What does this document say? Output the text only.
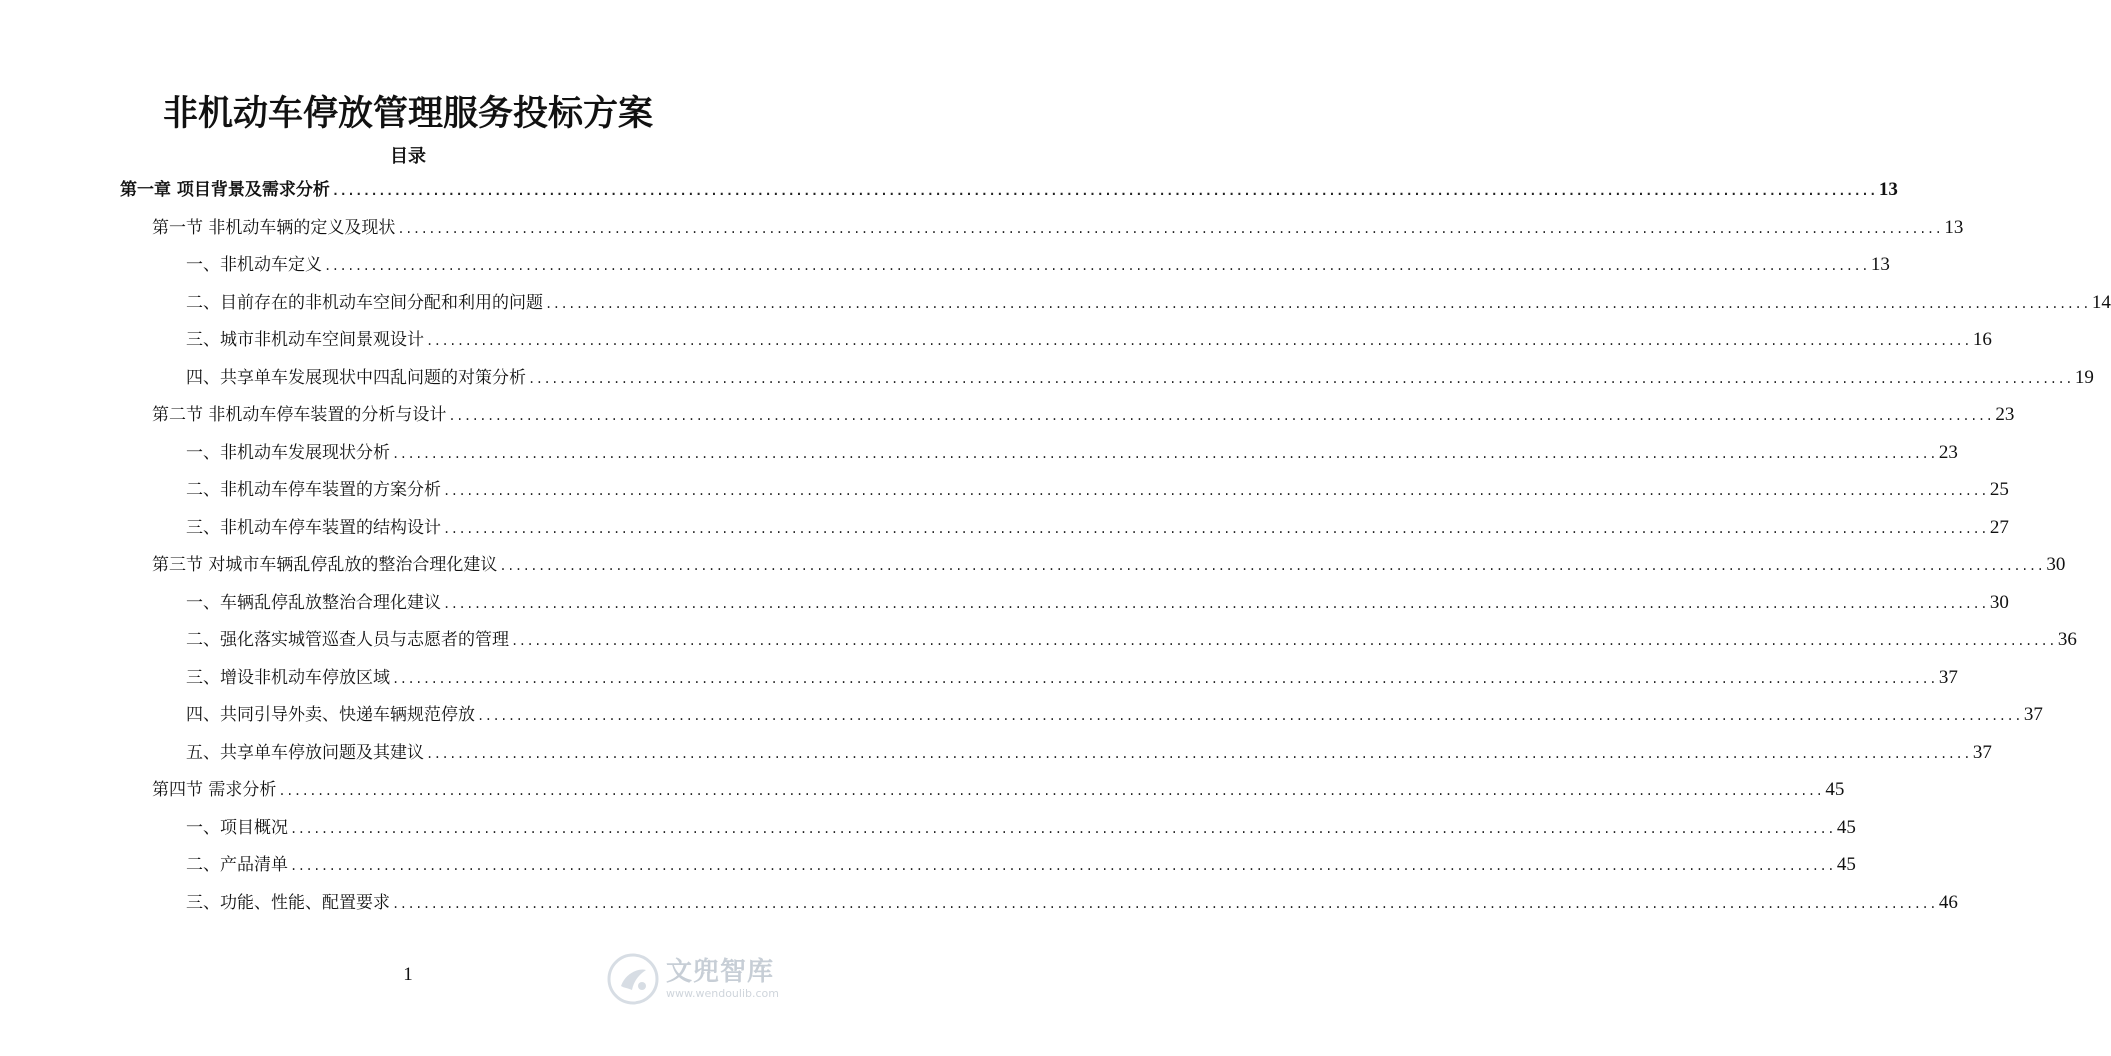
非机动车停放管理服务投标方案
目录
第一章 项目背景及需求分析 ........................................................................................................................................................................................................ 13
第一节 非机动车辆的定义及现状 ........................................................................................................................................................................................................ 13
一、非机动车定义 ........................................................................................................................................................................................................ 13
二、目前存在的非机动车空间分配和利用的问题 ........................................................................................................................................................................................................ 14
三、城市非机动车空间景观设计 ........................................................................................................................................................................................................ 16
四、共享单车发展现状中四乱问题的对策分析 ........................................................................................................................................................................................................ 19
第二节 非机动车停车装置的分析与设计 ........................................................................................................................................................................................................ 23
一、非机动车发展现状分析 ........................................................................................................................................................................................................ 23
二、非机动车停车装置的方案分析 ........................................................................................................................................................................................................ 25
三、非机动车停车装置的结构设计 ........................................................................................................................................................................................................ 27
第三节 对城市车辆乱停乱放的整治合理化建议 ........................................................................................................................................................................................................ 30
一、车辆乱停乱放整治合理化建议 ........................................................................................................................................................................................................ 30
二、强化落实城管巡查人员与志愿者的管理 ........................................................................................................................................................................................................ 36
三、增设非机动车停放区域 ........................................................................................................................................................................................................ 37
四、共同引导外卖、快递车辆规范停放 ........................................................................................................................................................................................................ 37
五、共享单车停放问题及其建议 ........................................................................................................................................................................................................ 37
第四节 需求分析 ........................................................................................................................................................................................................ 45
一、项目概况 ........................................................................................................................................................................................................ 45
二、产品清单 ........................................................................................................................................................................................................ 45
三、功能、性能、配置要求 ........................................................................................................................................................................................................ 46
1	文兜智库
www.wendoulib.com
